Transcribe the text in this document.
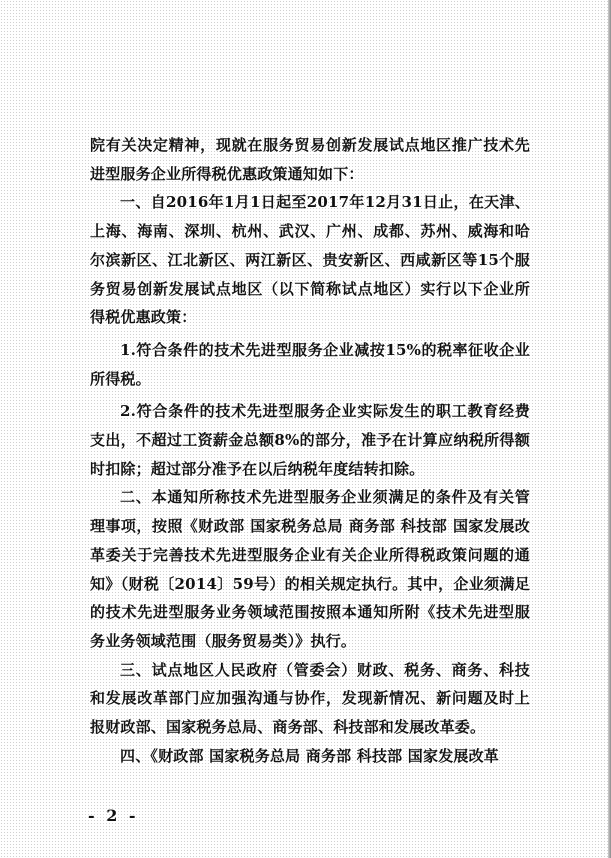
院有关决定精神，现就在服务贸易创新发展试点地区推广技术先进型服务企业所得税优惠政策通知如下：

一、自2016年1月1日起至2017年12月31日止，在天津、上海、海南、深圳、杭州、武汉、广州、成都、苏州、威海和哈尔滨新区、江北新区、两江新区、贵安新区、西咸新区等15个服务贸易创新发展试点地区（以下简称试点地区）实行以下企业所得税优惠政策：

1.符合条件的技术先进型服务企业减按15%的税率征收企业所得税。

2.符合条件的技术先进型服务企业实际发生的职工教育经费支出，不超过工资薪金总额8%的部分，准予在计算应纳税所得额时扣除；超过部分准予在以后纳税年度结转扣除。

二、本通知所称技术先进型服务企业须满足的条件及有关管理事项，按照《财政部 国家税务总局 商务部 科技部 国家发展改革委关于完善技术先进型服务企业有关企业所得税政策问题的通知》（财税〔2014〕59号）的相关规定执行。其中，企业须满足的技术先进型服务业务领域范围按照本通知所附《技术先进型服务业务领域范围（服务贸易类）》执行。

三、试点地区人民政府（管委会）财政、税务、商务、科技和发展改革部门应加强沟通与协作，发现新情况、新问题及时上报财政部、国家税务总局、商务部、科技部和发展改革委。

四、《财政部 国家税务总局 商务部 科技部 国家发展改革

- 2 -
